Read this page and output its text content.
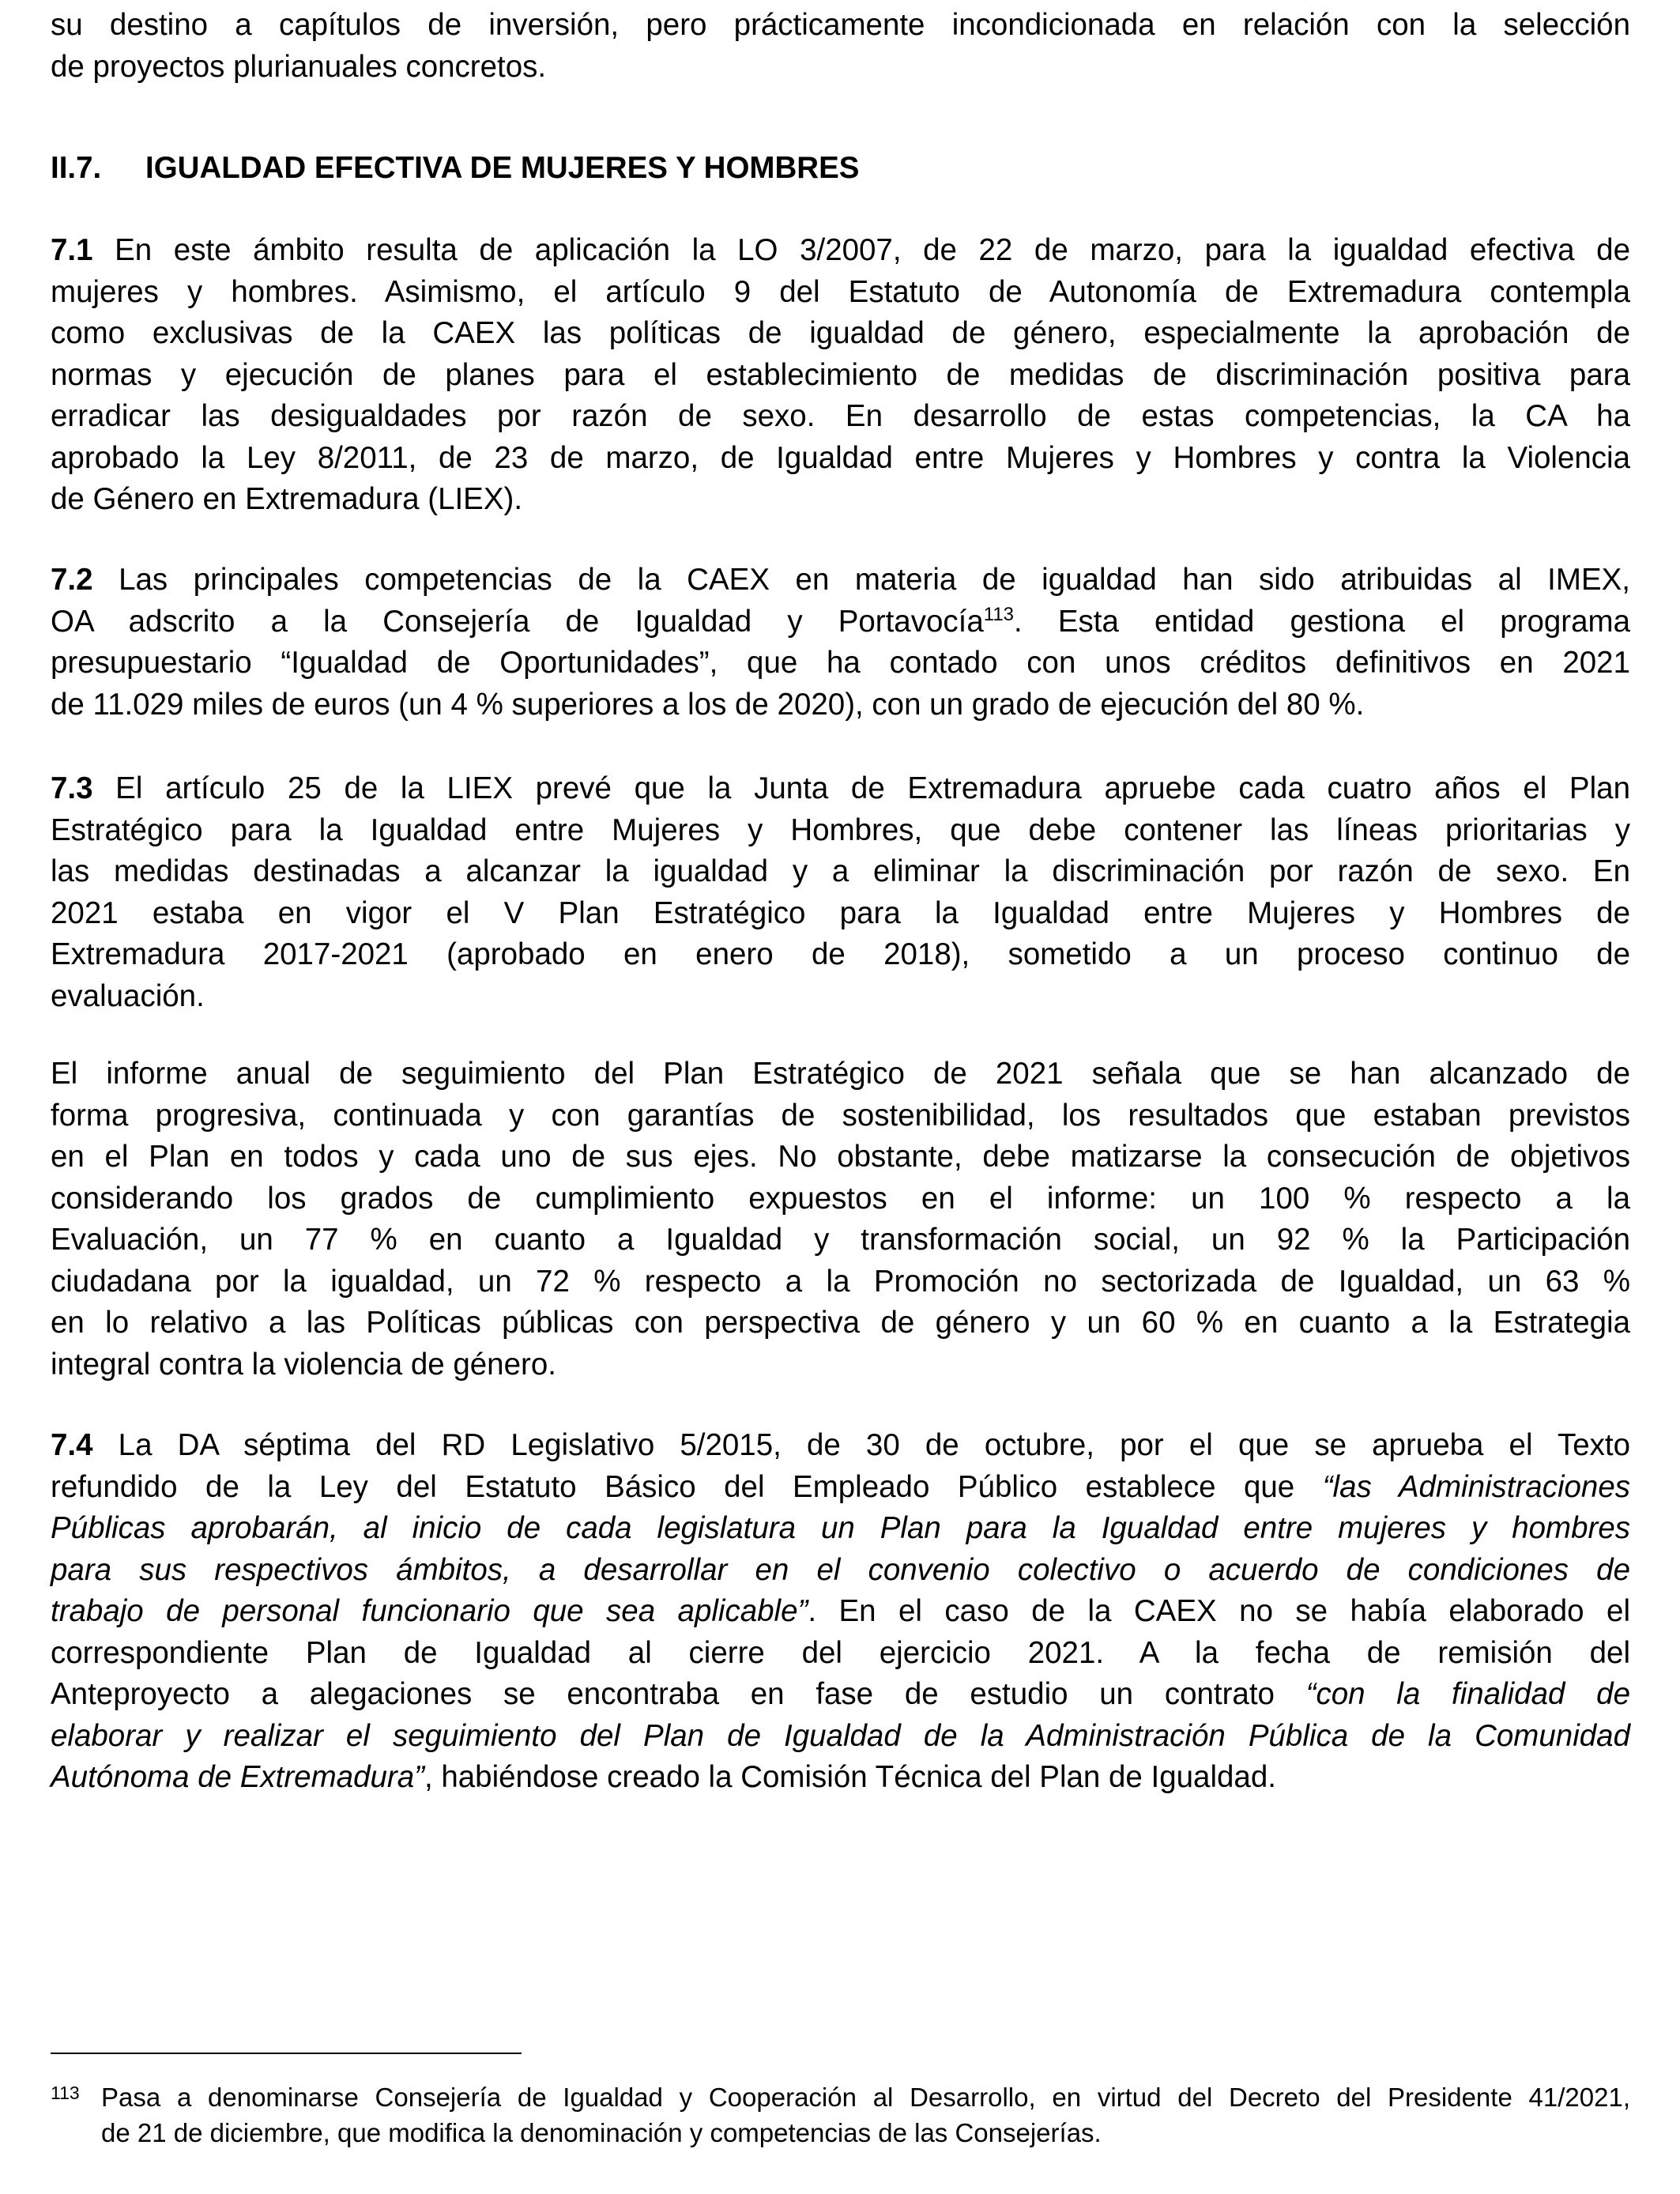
II.7. IGUALDAD EFECTIVA DE MUJERES Y HOMBRES
su destino a capítulos de inversión, pero prácticamente incondicionada en relación con la selección
de proyectos plurianuales concretos.
7.1 En este ámbito resulta de aplicación la LO 3/2007, de 22 de marzo, para la igualdad efectiva de
mujeres y hombres. Asimismo, el artículo 9 del Estatuto de Autonomía de Extremadura contempla
como exclusivas de la CAEX las políticas de igualdad de género, especialmente la aprobación de
normas y ejecución de planes para el establecimiento de medidas de discriminación positiva para
erradicar las desigualdades por razón de sexo. En desarrollo de estas competencias, la CA ha
aprobado la Ley 8/2011, de 23 de marzo, de Igualdad entre Mujeres y Hombres y contra la Violencia
de Género en Extremadura (LIEX).
7.2 Las principales competencias de la CAEX en materia de igualdad han sido atribuidas al IMEX,
OA adscrito a la Consejería de Igualdad y Portavocía$^{113}$. Esta entidad gestiona el programa
presupuestario “Igualdad de Oportunidades”, que ha contado con unos créditos definitivos en 2021
de 11.029 miles de euros (un 4 % superiores a los de 2020), con un grado de ejecución del 80 %.
7.3 El artículo 25 de la LIEX prevé que la Junta de Extremadura apruebe cada cuatro años el Plan
Estratégico para la Igualdad entre Mujeres y Hombres, que debe contener las líneas prioritarias y
las medidas destinadas a alcanzar la igualdad y a eliminar la discriminación por razón de sexo. En
2021 estaba en vigor el V Plan Estratégico para la Igualdad entre Mujeres y Hombres de
Extremadura 2017-2021 (aprobado en enero de 2018), sometido a un proceso continuo de
evaluación.
El informe anual de seguimiento del Plan Estratégico de 2021 señala que se han alcanzado de
forma progresiva, continuada y con garantías de sostenibilidad, los resultados que estaban previstos
en el Plan en todos y cada uno de sus ejes. No obstante, debe matizarse la consecución de objetivos
considerando los grados de cumplimiento expuestos en el informe: un 100 % respecto a la
Evaluación, un 77 % en cuanto a Igualdad y transformación social, un 92 % la Participación
ciudadana por la igualdad, un 72 % respecto a la Promoción no sectorizada de Igualdad, un 63 %
en lo relativo a las Políticas públicas con perspectiva de género y un 60 % en cuanto a la Estrategia
integral contra la violencia de género.
7.4 La DA séptima del RD Legislativo 5/2015, de 30 de octubre, por el que se aprueba el Texto
refundido de la Ley del Estatuto Básico del Empleado Público establece que “las Administraciones
Públicas aprobarán, al inicio de cada legislatura un Plan para la Igualdad entre mujeres y hombres
para sus respectivos ámbitos, a desarrollar en el convenio colectivo o acuerdo de condiciones de
trabajo de personal funcionario que sea aplicable”. En el caso de la CAEX no se había elaborado el
correspondiente Plan de Igualdad al cierre del ejercicio 2021. A la fecha de remisión del
Anteproyecto a alegaciones se encontraba en fase de estudio un contrato “con la finalidad de
elaborar y realizar el seguimiento del Plan de Igualdad de la Administración Pública de la Comunidad
Autónoma de Extremadura”, habiéndose creado la Comisión Técnica del Plan de Igualdad.
113 Pasa a denominarse Consejería de Igualdad y Cooperación al Desarrollo, en virtud del Decreto del Presidente 41/2021,
de 21 de diciembre, que modifica la denominación y competencias de las Consejerías.
